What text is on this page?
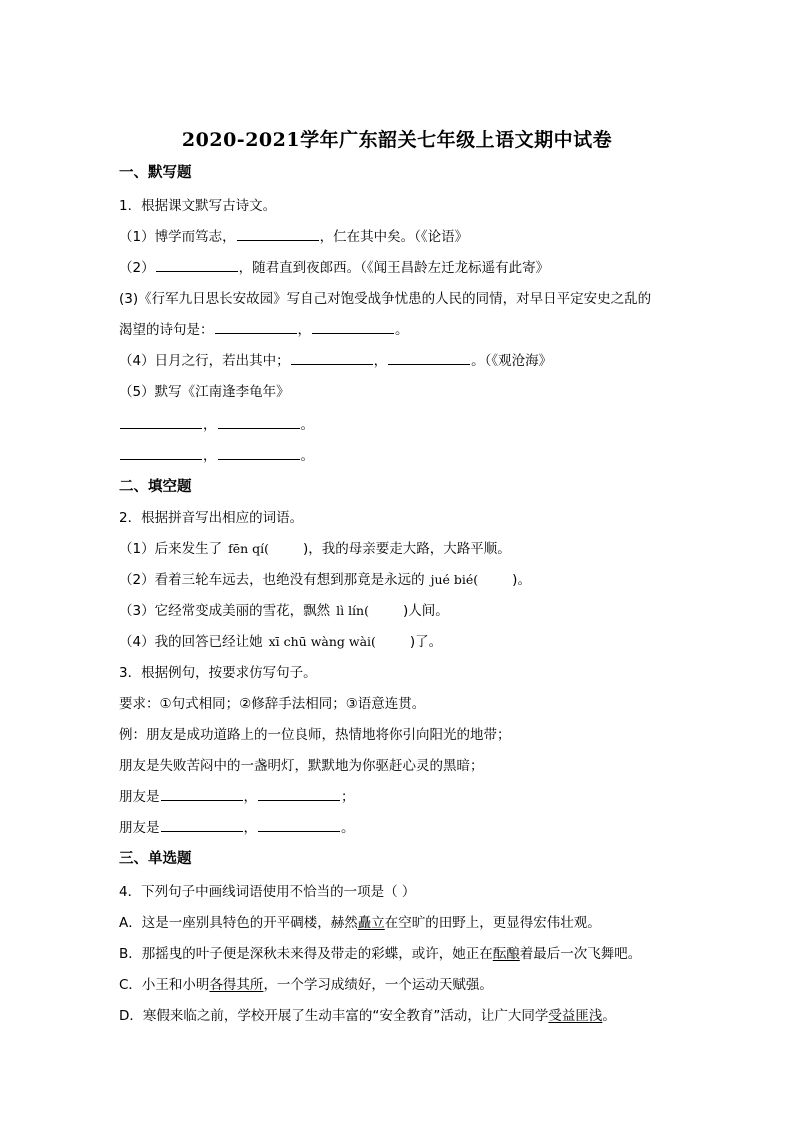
2020-2021学年广东韶关七年级上语文期中试卷
一、默写题
1．根据课文默写古诗文。
（1）博学而笃志，	，仁在其中矣。（《论语》
（2）	，随君直到夜郎西。（《闻王昌龄左迁龙标遥有此寄》
(3)《行军九日思长安故园》写自己对饱受战争忧患的人民的同情，对早日平定安史之乱的
渴望的诗句是：	，	。
（4）日月之行，若出其中；	，	。（《观沧海》
（5）默写《江南逢李龟年》
，	。
，	。
二、填空题
2．根据拼音写出相应的词语。
（1）后来发生了 fēn qí(	)，我的母亲要走大路，大路平顺。
（2）看着三轮车远去，也绝没有想到那竟是永远的 jué bié(	)。
（3）它经常变成美丽的雪花，飘然 lì lín(	)人间。
（4）我的回答已经让她 xī chū wàng wài(	)了。
3．根据例句，按要求仿写句子。
要求：①句式相同；②修辞手法相同；③语意连贯。
例：朋友是成功道路上的一位良师，热情地将你引向阳光的地带；
朋友是失败苦闷中的一盏明灯，默默地为你驱赶心灵的黑暗；
朋友是	，	；
朋友是	，	。
三、单选题
4．下列句子中画线词语使用不恰当的一项是（ ）
A．这是一座别具特色的开平碉楼，赫然矗立在空旷的田野上，更显得宏伟壮观。
B．那摇曳的叶子便是深秋未来得及带走的彩蝶，或许，她正在酝酿着最后一次飞舞吧。
C．小王和小明各得其所，一个学习成绩好，一个运动天赋强。
D．寒假来临之前，学校开展了生动丰富的“安全教育”活动，让广大同学受益匪浅。
